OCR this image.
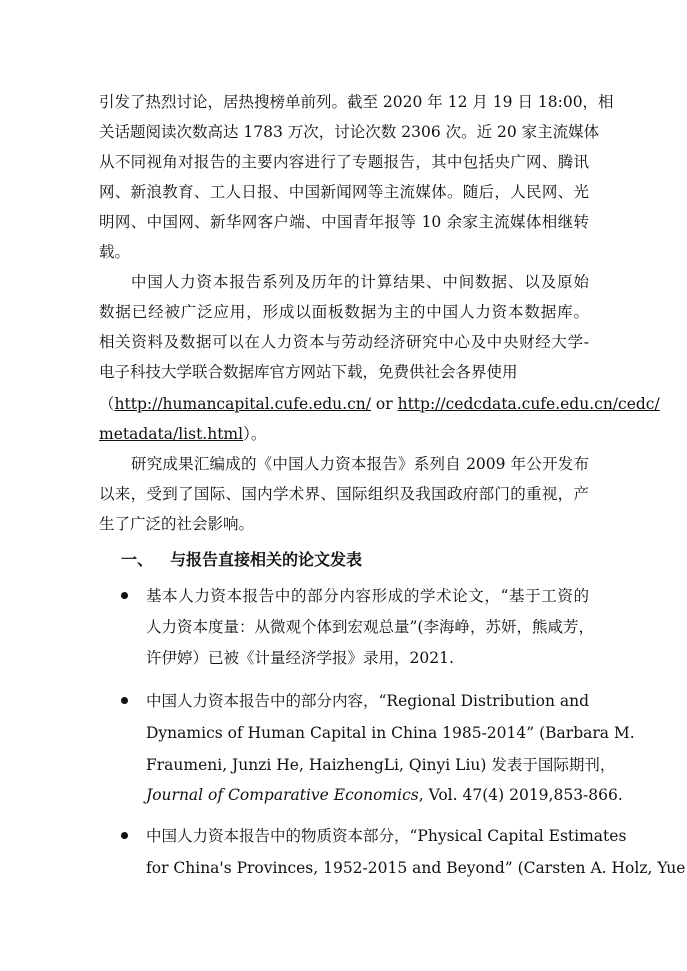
引发了热烈讨论，居热搜榜单前列。截至 2020 年 12 月 19 日 18:00，相
关话题阅读次数高达 1783 万次，讨论次数 2306 次。近 20 家主流媒体
从不同视角对报告的主要内容进行了专题报告，其中包括央广网、腾讯
网、新浪教育、工人日报、中国新闻网等主流媒体。随后，人民网、光
明网、中国网、新华网客户端、中国青年报等 10 余家主流媒体相继转
载。
中国人力资本报告系列及历年的计算结果、中间数据、以及原始
数据已经被广泛应用，形成以面板数据为主的中国人力资本数据库。
相关资料及数据可以在人力资本与劳动经济研究中心及中央财经大学-
电子科技大学联合数据库官方网站下载，免费供社会各界使用
（http://humancapital.cufe.edu.cn/ or http://cedcdata.cufe.edu.cn/cedc/
metadata/list.html）。
研究成果汇编成的《中国人力资本报告》系列自 2009 年公开发布
以来，受到了国际、国内学术界、国际组织及我国政府部门的重视，产
生了广泛的社会影响。
一、 与报告直接相关的论文发表
基本人力资本报告中的部分内容形成的学术论文，“基于工资的
人力资本度量：从微观个体到宏观总量”(李海峥，苏妍，熊咸芳，
许伊婷）已被《计量经济学报》录用，2021.
中国人力资本报告中的部分内容，“Regional Distribution and
Dynamics of Human Capital in China 1985-2014” (Barbara M.
Fraumeni, Junzi He, HaizhengLi, Qinyi Liu) 发表于国际期刊，
Journal of Comparative Economics, Vol. 47(4) 2019,853-866.
中国人力资本报告中的物质资本部分，“Physical Capital Estimates
for China's Provinces, 1952-2015 and Beyond” (Carsten A. Holz, Yue
